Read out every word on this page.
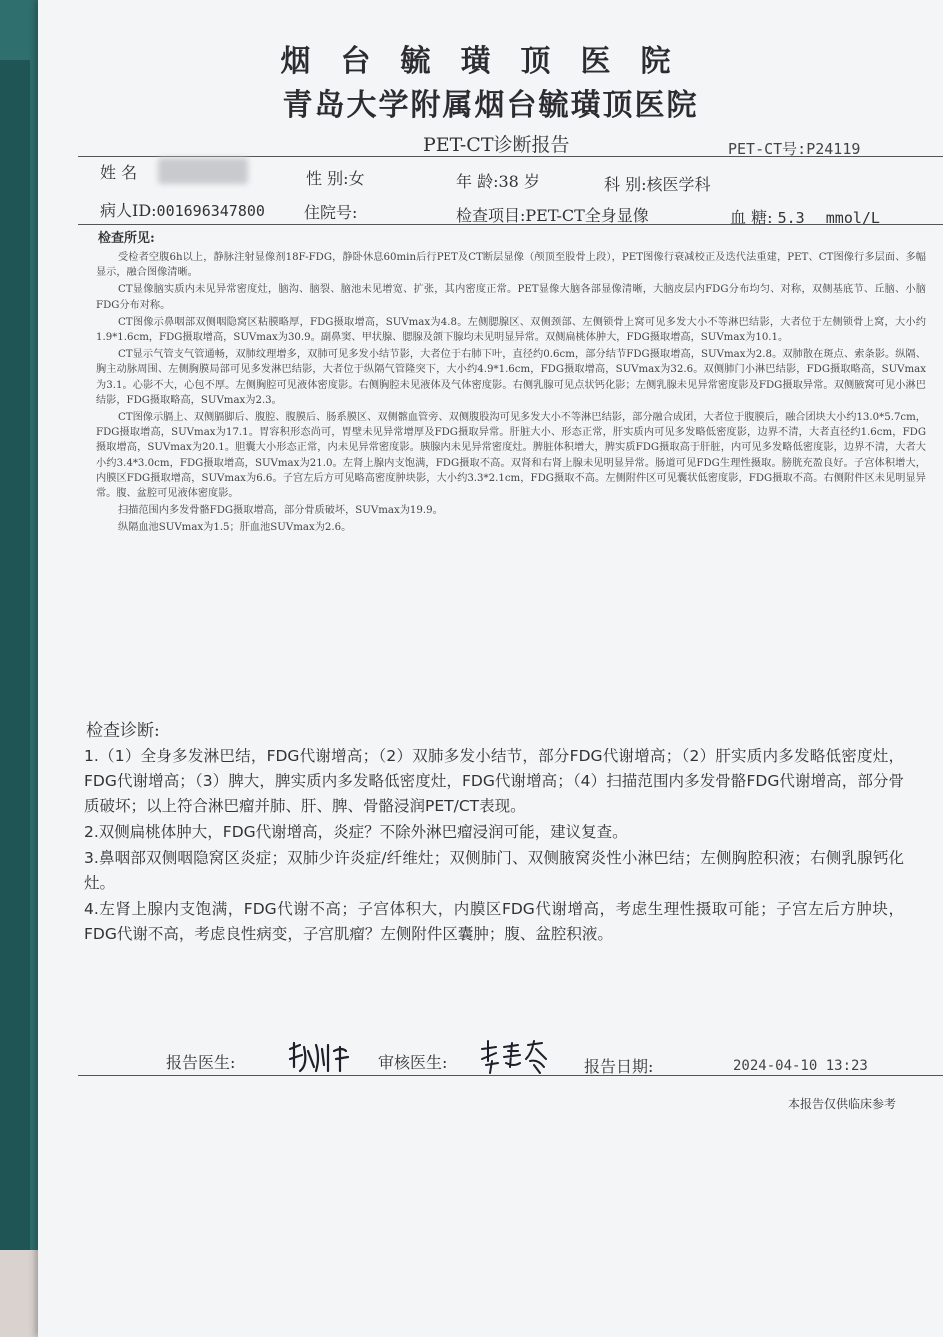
烟台毓璜顶医院
青岛大学附属烟台毓璜顶医院
PET-CT诊断报告	PET-CT号:P24119
姓 名	性 别:女	年 龄:38 岁	科 别:核医学科
病人ID:001696347800 住院号:	检查项目:PET-CT全身显像	血 糖: 5.3 mmol/L
检查所见:

受检者空腹6h以上，静脉注射显像剂18F-FDG，静卧休息60min后行PET及CT断层显像（颅顶至股骨上段），PET图像行衰减校正及迭代法重建，PET、CT图像行多层面、多幅显示，融合图像清晰。

CT显像脑实质内未见异常密度灶，脑沟、脑裂、脑池未见增宽、扩张，其内密度正常。PET显像大脑各部显像清晰，大脑皮层内FDG分布均匀、对称，双侧基底节、丘脑、小脑FDG分布对称。

CT图像示鼻咽部双侧咽隐窝区粘膜略厚，FDG摄取增高，SUVmax为4.8。左侧腮腺区、双侧颈部、左侧锁骨上窝可见多发大小不等淋巴结影，大者位于左侧锁骨上窝，大小约1.9*1.6cm，FDG摄取增高，SUVmax为30.9。副鼻窦、甲状腺、腮腺及颌下腺均未见明显异常。双侧扁桃体肿大，FDG摄取增高，SUVmax为10.1。

CT显示气管支气管通畅，双肺纹理增多，双肺可见多发小结节影，大者位于右肺下叶，直径约0.6cm，部分结节FDG摄取增高，SUVmax为2.8。双肺散在斑点、索条影。纵隔、胸主动脉周围、左侧胸膜局部可见多发淋巴结影，大者位于纵隔气管隆突下，大小约4.9*1.6cm，FDG摄取增高，SUVmax为32.6。双侧肺门小淋巴结影，FDG摄取略高，SUVmax为3.1。心影不大，心包不厚。左侧胸腔可见液体密度影。右侧胸腔未见液体及气体密度影。右侧乳腺可见点状钙化影；左侧乳腺未见异常密度影及FDG摄取异常。双侧腋窝可见小淋巴结影，FDG摄取略高，SUVmax为2.3。

CT图像示膈上、双侧膈脚后、腹腔、腹膜后、肠系膜区、双侧髂血管旁、双侧腹股沟可见多发大小不等淋巴结影，部分融合成团，大者位于腹膜后，融合团块大小约13.0*5.7cm，FDG摄取增高，SUVmax为17.1。胃容积形态尚可，胃壁未见异常增厚及FDG摄取异常。肝脏大小、形态正常，肝实质内可见多发略低密度影，边界不清，大者直径约1.6cm，FDG摄取增高，SUVmax为20.1。胆囊大小形态正常，内未见异常密度影。胰腺内未见异常密度灶。脾脏体积增大，脾实质FDG摄取高于肝脏，内可见多发略低密度影，边界不清，大者大小约3.4*3.0cm，FDG摄取增高，SUVmax为21.0。左肾上腺内支饱满，FDG摄取不高。双肾和右肾上腺未见明显异常。肠道可见FDG生理性摄取。膀胱充盈良好。子宫体积增大，内膜区FDG摄取增高，SUVmax为6.6。子宫左后方可见略高密度肿块影，大小约3.3*2.1cm，FDG摄取不高。左侧附件区可见囊状低密度影，FDG摄取不高。右侧附件区未见明显异常。腹、盆腔可见液体密度影。

扫描范围内多发骨骼FDG摄取增高，部分骨质破坏，SUVmax为19.9。

纵隔血池SUVmax为1.5；肝血池SUVmax为2.6。

检查诊断:

1.（1）全身多发淋巴结，FDG代谢增高；（2）双肺多发小结节，部分FDG代谢增高；（2）肝实质内多发略低密度灶，FDG代谢增高；（3）脾大，脾实质内多发略低密度灶，FDG代谢增高；（4）扫描范围内多发骨骼FDG代谢增高，部分骨质破坏；以上符合淋巴瘤并肺、肝、脾、骨骼浸润PET/CT表现。

2.双侧扁桃体肿大，FDG代谢增高，炎症？不除外淋巴瘤浸润可能，建议复查。

3.鼻咽部双侧咽隐窝区炎症；双肺少许炎症/纤维灶；双侧肺门、双侧腋窝炎性小淋巴结；左侧胸腔积液；右侧乳腺钙化灶。

4.左肾上腺内支饱满，FDG代谢不高；子宫体积大，内膜区FDG代谢增高，考虑生理性摄取可能；子宫左后方肿块，FDG代谢不高，考虑良性病变，子宫肌瘤？左侧附件区囊肿；腹、盆腔积液。

报告医生:	审核医生:	报告日期:	2024-04-10 13:23
本报告仅供临床参考
